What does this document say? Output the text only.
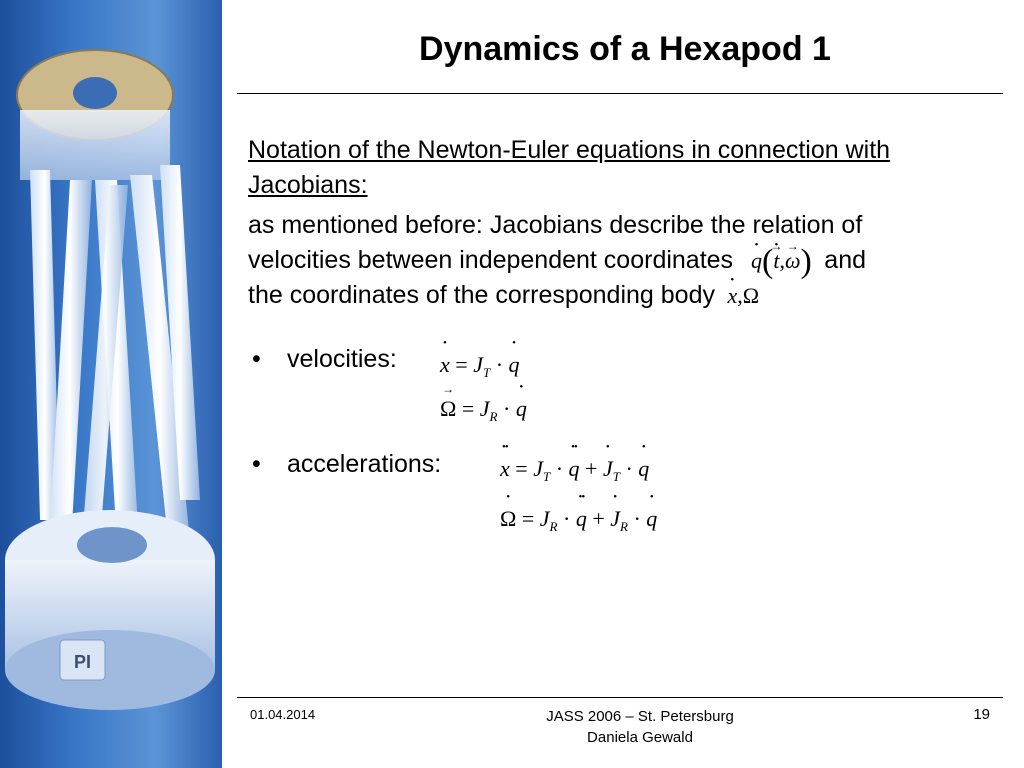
PI
Dynamics of a Hexapod 1
Notation of the Newton-Euler equations in connection with
Jacobians:
as mentioned before: Jacobians describe the relation of
velocities between independent coordinates • q(• t →,ω →) and
the coordinates of the corresponding body • x,Ω
• velocities: • $x = J_T$ · • q
Ω → = $J_R$ · • q
• accelerations:	•• $x = J_T$ · •• q + • $J_T$ · • q
• $\Omega = J_R$ · •• q + • $J_R$ · • q
01.04.2014	JASS 2006 – St. Petersburg
Daniela Gewald
19
